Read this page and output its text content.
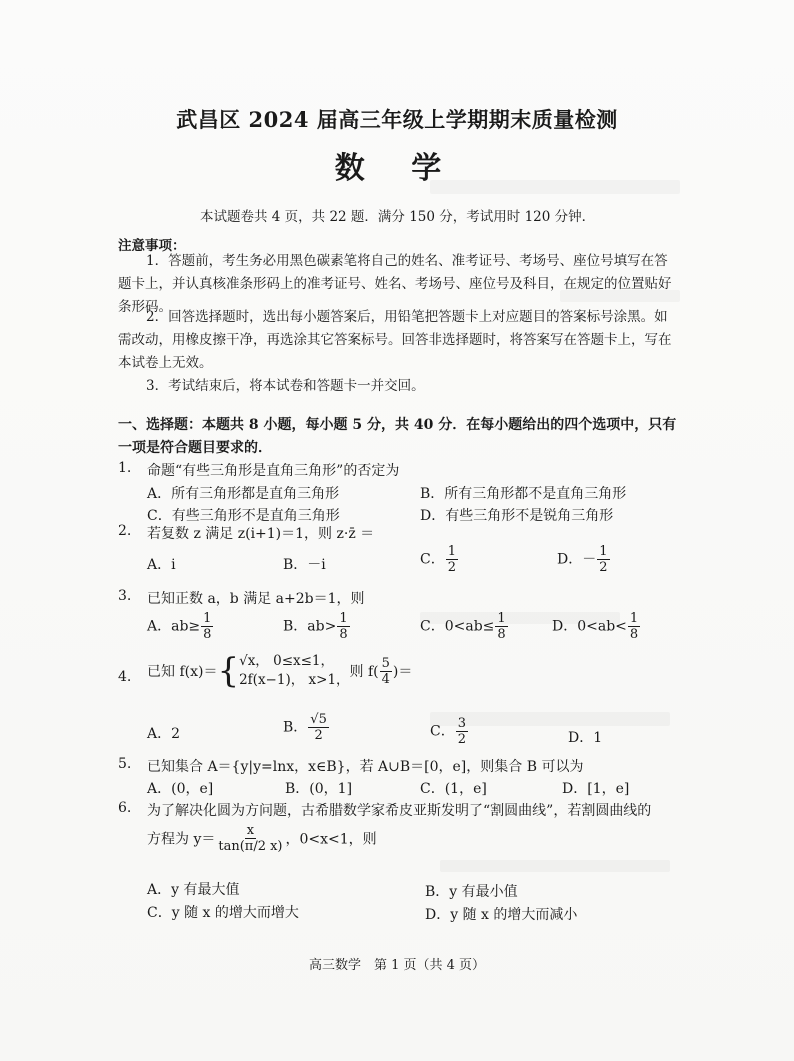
武昌区 2024 届高三年级上学期期末质量检测
数 学
本试题卷共 4 页，共 22 题．满分 150 分，考试用时 120 分钟．
注意事项：
1．答题前，考生务必用黑色碳素笔将自己的姓名、准考证号、考场号、座位号填写在答题卡上，并认真核准条形码上的准考证号、姓名、考场号、座位号及科目，在规定的位置贴好条形码。
2．回答选择题时，选出每小题答案后，用铅笔把答题卡上对应题目的答案标号涂黑。如需改动，用橡皮擦干净，再选涂其它答案标号。回答非选择题时，将答案写在答题卡上，写在本试卷上无效。
3．考试结束后，将本试卷和答题卡一并交回。
一、选择题：本题共 8 小题，每小题 5 分，共 40 分．在每小题给出的四个选项中，只有一项是符合题目要求的．
1. 命题“有些三角形是直角三角形”的否定为
A．所有三角形都是直角三角形	B．所有三角形都不是直角三角形
C．有些三角形不是直角三角形	D．有些三角形不是锐角三角形
2. 若复数 z 满足 z(i+1)＝1，则 z·z̄ ＝
A．i	B．－i	C． $\frac{1}{2}$	D．－ $\frac{1}{2}$
3. 已知正数 a，b 满足 a+2b＝1，则
A．$ab\ge \frac{1}{8}$	B．$ab> \frac{1}{8}$	C．$0<ab\le \frac{1}{8}$	D．$0<ab< \frac{1}{8}$
4. 已知 f(x)＝{ √x， 0≤x≤1，
2f(x−1)， x>1， 则 $f( \frac{5}{4}$ )＝
A．2	B． $\frac{√5}{2}$	C． $\frac{3}{2}$	D．1
5. 已知集合 A＝{y|y=lnx，x∈B}，若 A∪B＝[0，e]，则集合 B 可以为
A．(0，e]	B．(0，1]	C．(1，e]	D．[1，e]
6. 为了解决化圆为方问题，古希腊数学家希皮亚斯发明了“割圆曲线”，若割圆曲线的
方程为 $y= \frac{x}{\tan(\pi/2 x)}$ ，0<x<1，则
A．y 有最大值	B．y 有最小值
C．y 随 x 的增大而增大	D．y 随 x 的增大而减小
高三数学　第 1 页（共 4 页）
